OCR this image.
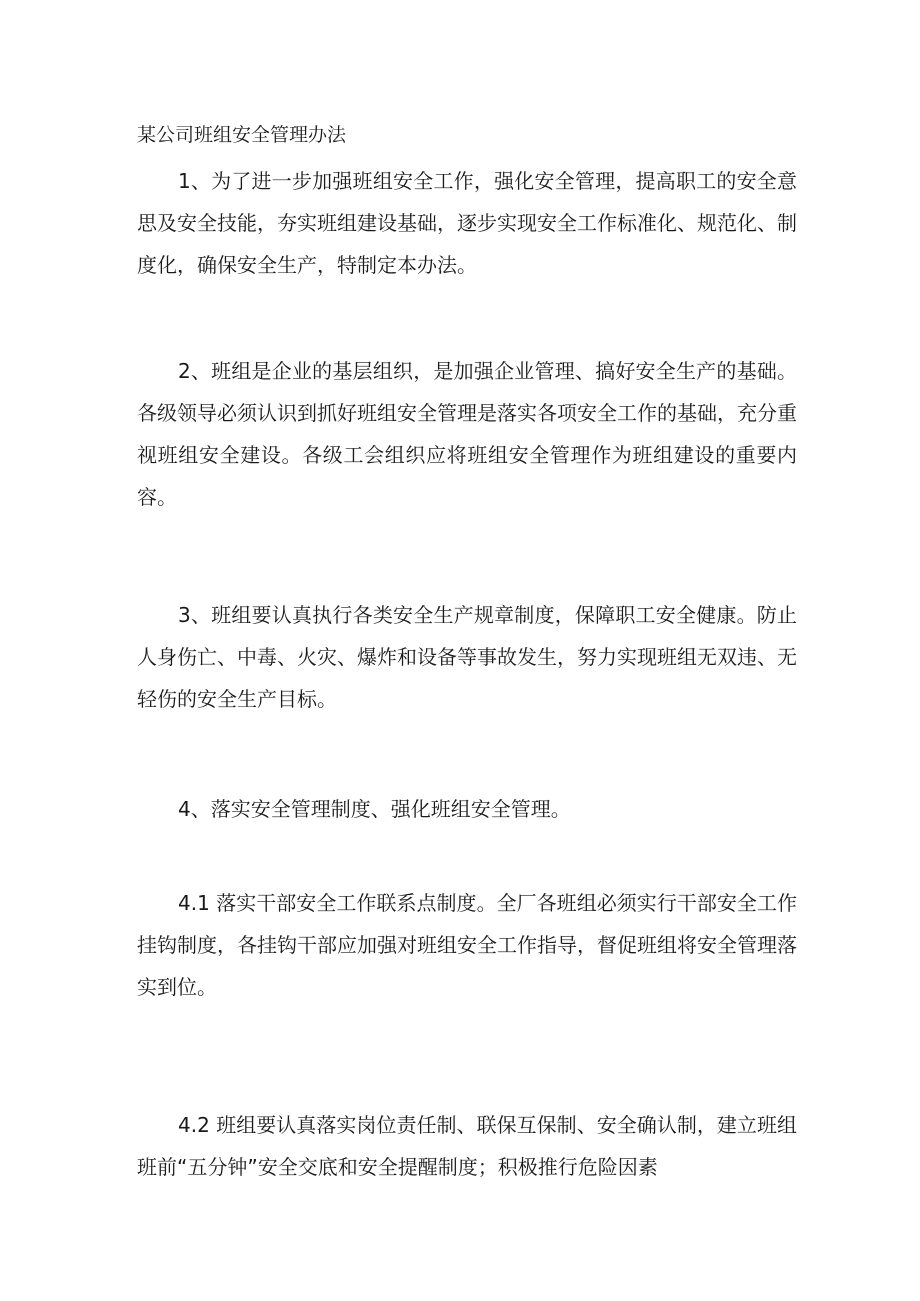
某公司班组安全管理办法

1、为了进一步加强班组安全工作，强化安全管理，提高职工的安全意思及安全技能，夯实班组建设基础，逐步实现安全工作标准化、规范化、制度化，确保安全生产，特制定本办法。

2、班组是企业的基层组织，是加强企业管理、搞好安全生产的基础。各级领导必须认识到抓好班组安全管理是落实各项安全工作的基础，充分重视班组安全建设。各级工会组织应将班组安全管理作为班组建设的重要内容。

3、班组要认真执行各类安全生产规章制度，保障职工安全健康。防止人身伤亡、中毒、火灾、爆炸和设备等事故发生，努力实现班组无双违、无轻伤的安全生产目标。

4、落实安全管理制度、强化班组安全管理。

4.1 落实干部安全工作联系点制度。全厂各班组必须实行干部安全工作挂钩制度，各挂钩干部应加强对班组安全工作指导，督促班组将安全管理落实到位。

4.2 班组要认真落实岗位责任制、联保互保制、安全确认制，建立班组班前“五分钟”安全交底和安全提醒制度；积极推行危险因素
